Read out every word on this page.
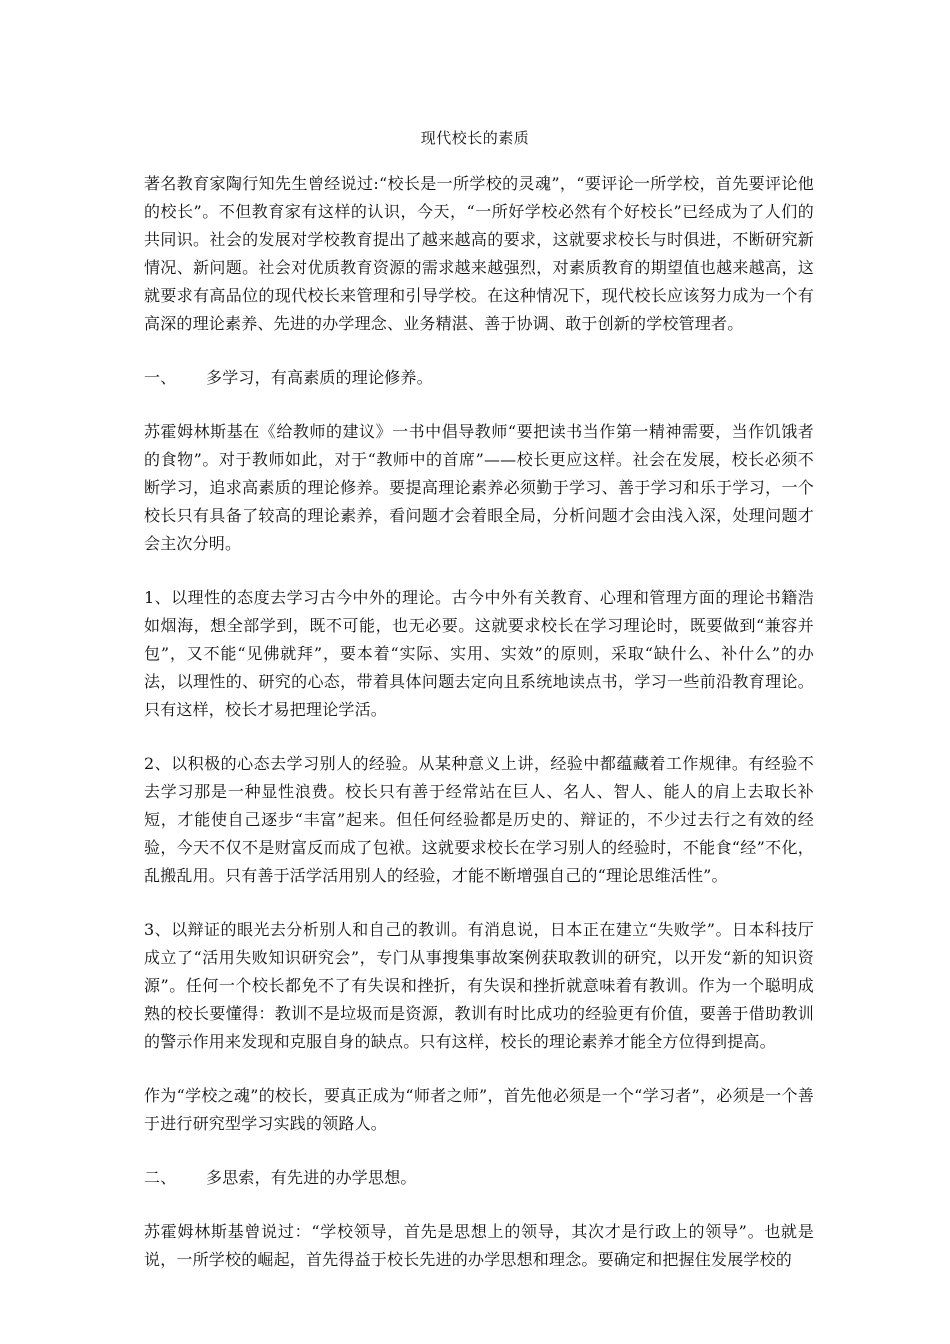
现代校长的素质

著名教育家陶行知先生曾经说过:“校长是一所学校的灵魂”，“要评论一所学校，首先要评论他的校长”。不但教育家有这样的认识，今天，“一所好学校必然有个好校长”已经成为了人们的共同识。社会的发展对学校教育提出了越来越高的要求，这就要求校长与时俱进，不断研究新情况、新问题。社会对优质教育资源的需求越来越强烈，对素质教育的期望值也越来越高，这就要求有高品位的现代校长来管理和引导学校。在这种情况下，现代校长应该努力成为一个有高深的理论素养、先进的办学理念、业务精湛、善于协调、敢于创新的学校管理者。

一、 多学习，有高素质的理论修养。

苏霍姆林斯基在《给教师的建议》一书中倡导教师“要把读书当作第一精神需要，当作饥饿者的食物”。对于教师如此，对于“教师中的首席”——校长更应这样。社会在发展，校长必须不断学习，追求高素质的理论修养。要提高理论素养必须勤于学习、善于学习和乐于学习，一个校长只有具备了较高的理论素养，看问题才会着眼全局，分析问题才会由浅入深，处理问题才会主次分明。

1、以理性的态度去学习古今中外的理论。古今中外有关教育、心理和管理方面的理论书籍浩如烟海，想全部学到，既不可能，也无必要。这就要求校长在学习理论时，既要做到“兼容并包”，又不能“见佛就拜”，要本着“实际、实用、实效”的原则，采取“缺什么、补什么”的办法，以理性的、研究的心态，带着具体问题去定向且系统地读点书，学习一些前沿教育理论。只有这样，校长才易把理论学活。

2、以积极的心态去学习别人的经验。从某种意义上讲，经验中都蕴藏着工作规律。有经验不去学习那是一种显性浪费。校长只有善于经常站在巨人、名人、智人、能人的肩上去取长补短，才能使自己逐步“丰富”起来。但任何经验都是历史的、辩证的，不少过去行之有效的经验，今天不仅不是财富反而成了包袱。这就要求校长在学习别人的经验时，不能食“经”不化，乱搬乱用。只有善于活学活用别人的经验，才能不断增强自己的“理论思维活性”。

3、以辩证的眼光去分析别人和自己的教训。有消息说，日本正在建立“失败学”。日本科技厅成立了“活用失败知识研究会”，专门从事搜集事故案例获取教训的研究，以开发“新的知识资源”。任何一个校长都免不了有失误和挫折，有失误和挫折就意味着有教训。作为一个聪明成熟的校长要懂得：教训不是垃圾而是资源，教训有时比成功的经验更有价值，要善于借助教训的警示作用来发现和克服自身的缺点。只有这样，校长的理论素养才能全方位得到提高。

作为“学校之魂”的校长，要真正成为“师者之师”，首先他必须是一个“学习者”，必须是一个善于进行研究型学习实践的领路人。

二、 多思索，有先进的办学思想。

苏霍姆林斯基曾说过：“学校领导，首先是思想上的领导，其次才是行政上的领导”。也就是说，一所学校的崛起，首先得益于校长先进的办学思想和理念。要确定和把握住发展学校的
